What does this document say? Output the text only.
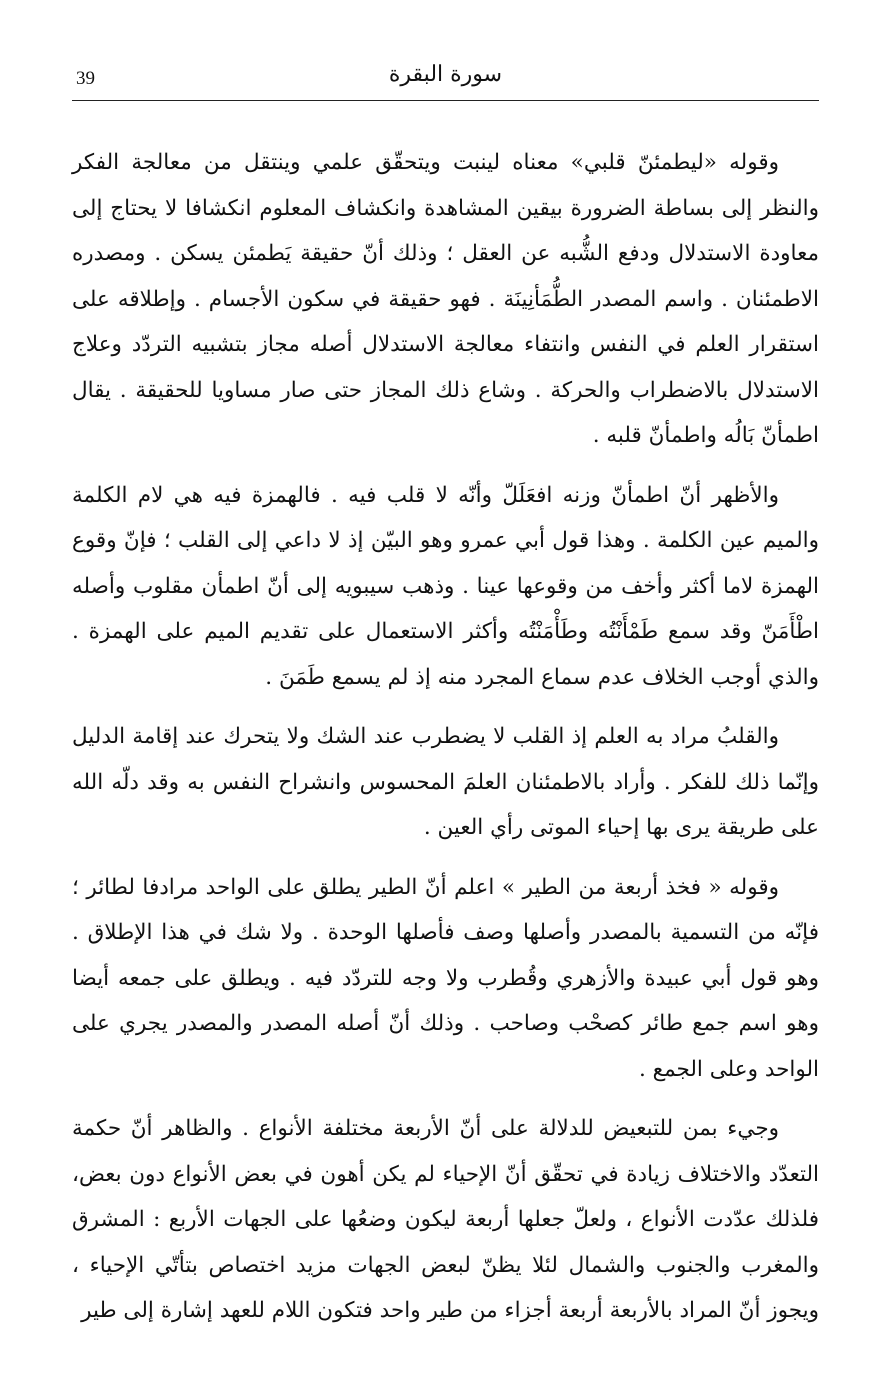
39	سورة البقرة

وقوله «ليطمئنّ قلبي» معناه لينبت ويتحقّق علمي وينتقل من معالجة الفكر والنظر إلى بساطة الضرورة بيقين المشاهدة وانكشاف المعلوم انكشافا لا يحتاج إلى معاودة الاستدلال ودفع الشُّبه عن العقل ؛ وذلك أنّ حقيقة يَطمئن يسكن . ومصدره الاطمئنان . واسم المصدر الطُّمَأنِينَة . فهو حقيقة في سكون الأجسام . وإطلاقه على استقرار العلم في النفس وانتفاء معالجة الاستدلال أصله مجاز بتشبيه التردّد وعلاج الاستدلال بالاضطراب والحركة . وشاع ذلك المجاز حتى صار مساويا للحقيقة . يقال اطمأنّ بَالُه واطمأنّ قلبه .

والأظهر أنّ اطمأنّ وزنه افعَلَلّ وأنّه لا قلب فيه . فالهمزة فيه هي لام الكلمة والميم عين الكلمة . وهذا قول أبي عمرو وهو البيّن إذ لا داعي إلى القلب ؛ فإنّ وقوع الهمزة لاما أكثر وأخف من وقوعها عينا . وذهب سيبويه إلى أنّ اطمأن مقلوب وأصله اطْأَمَنّ وقد سمع طَمْأَنْتُه وطَأْمَنْتُه وأكثر الاستعمال على تقديم الميم على الهمزة . والذي أوجب الخلاف عدم سماع المجرد منه إذ لم يسمع طَمَنَ .

والقلبُ مراد به العلم إذ القلب لا يضطرب عند الشك ولا يتحرك عند إقامة الدليل وإنّما ذلك للفكر . وأراد بالاطمئنان العلمَ المحسوس وانشراح النفس به وقد دلّه الله على طريقة يرى بها إحياء الموتى رأي العين .

وقوله « فخذ أربعة من الطير » اعلم أنّ الطير يطلق على الواحد مرادفا لطائر ؛ فإنّه من التسمية بالمصدر وأصلها وصف فأصلها الوحدة . ولا شك في هذا الإطلاق . وهو قول أبي عبيدة والأزهري وقُطرب ولا وجه للتردّد فيه . ويطلق على جمعه أيضا وهو اسم جمع طائر كصحْب وصاحب . وذلك أنّ أصله المصدر والمصدر يجري على الواحد وعلى الجمع .

وجيء بمن للتبعيض للدلالة على أنّ الأربعة مختلفة الأنواع . والظاهر أنّ حكمة التعدّد والاختلاف زيادة في تحقّق أنّ الإحياء لم يكن أهون في بعض الأنواع دون بعض، فلذلك عدّدت الأنواع ، ولعلّ جعلها أربعة ليكون وضعُها على الجهات الأربع : المشرق والمغرب والجنوب والشمال لئلا يظنّ لبعض الجهات مزيد اختصاص بتأتّي الإحياء ، ويجوز أنّ المراد بالأربعة أربعة أجزاء من طير واحد فتكون اللام للعهد إشارة إلى طير
